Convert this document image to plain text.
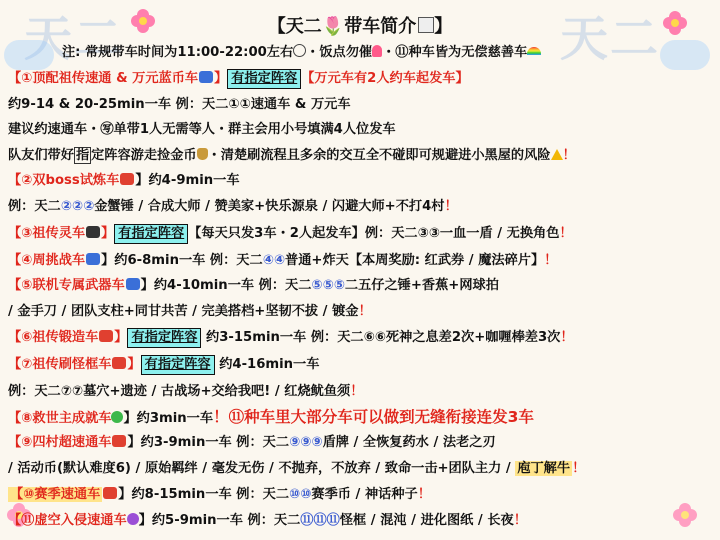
天二	天二
【天二🌷带车简介 】
注: 常规带车时间为11:00-22:00左右 ・饭点勿催 ・⑪种车皆为无偿慈善车
【①顶配祖传速通 & 万元蓝币车 】 有指定阵容 【万元车有2人约车起发车】
约9-14 & 20-25min一车 例：天二①①速通车 & 万元车
建议约速通车・㊢单带1人无需等人・群主会用小号填满4人位发车
队友们带好 指 定阵容游走捡金币 ・清楚刷流程且多余的交互全不碰即可规避进小黑屋的风险 ！
【②双boss试炼车 】约4-9min一车
例：天二②②②金蟹锤 / 合成大师 / 赞美家+快乐源泉 / 闪避大师+不打4村！
【③祖传灵车 】 有指定阵容 【每天只发3车・2人起发车】例：天二③③一血一盾 / 无换角色！
【④周挑战车 】约6-8min一车 例：天二④④普通+炸天【本周奖励: 红武券 / 魔法碎片】！
【⑤联机专属武器车 】约4-10min一车 例：天二⑤⑤⑤二五仔之锤+香蕉+网球拍
/ 金手刀 / 团队支柱+同甘共苦 / 完美搭档+坚韧不拔 / 镀金！
【⑥祖传锻造车 】 有指定阵容 约3-15min一车 例：天二⑥⑥死神之息差2次+咖喱棒差3次！
【⑦祖传刷怪框车 】 有指定阵容 约4-16min一车
例：天二⑦⑦墓穴+遗迹 / 古战场+交给我吧! / 红烧鱿鱼须！
【⑧救世主成就车 】约3min一车！⑪种车里大部分车可以做到无缝衔接连发3车
【⑨四村超速通车 】约3-9min一车 例：天二⑨⑨⑨盾牌 / 全恢复药水 / 法老之刃
/ 活动币(默认难度6) / 原始羁绊 / 毫发无伤 / 不抛弃，不放弃 / 致命一击+团队主力 / 庖丁解牛 ！
【⑩赛季速通车 】约8-15min一车 例：天二⑩⑩赛季币 / 神话种子！
【⑪虚空入侵速通车 】约5-9min一车 例：天二⑪⑪⑪怪框 / 混沌 / 进化图纸 / 长夜！
